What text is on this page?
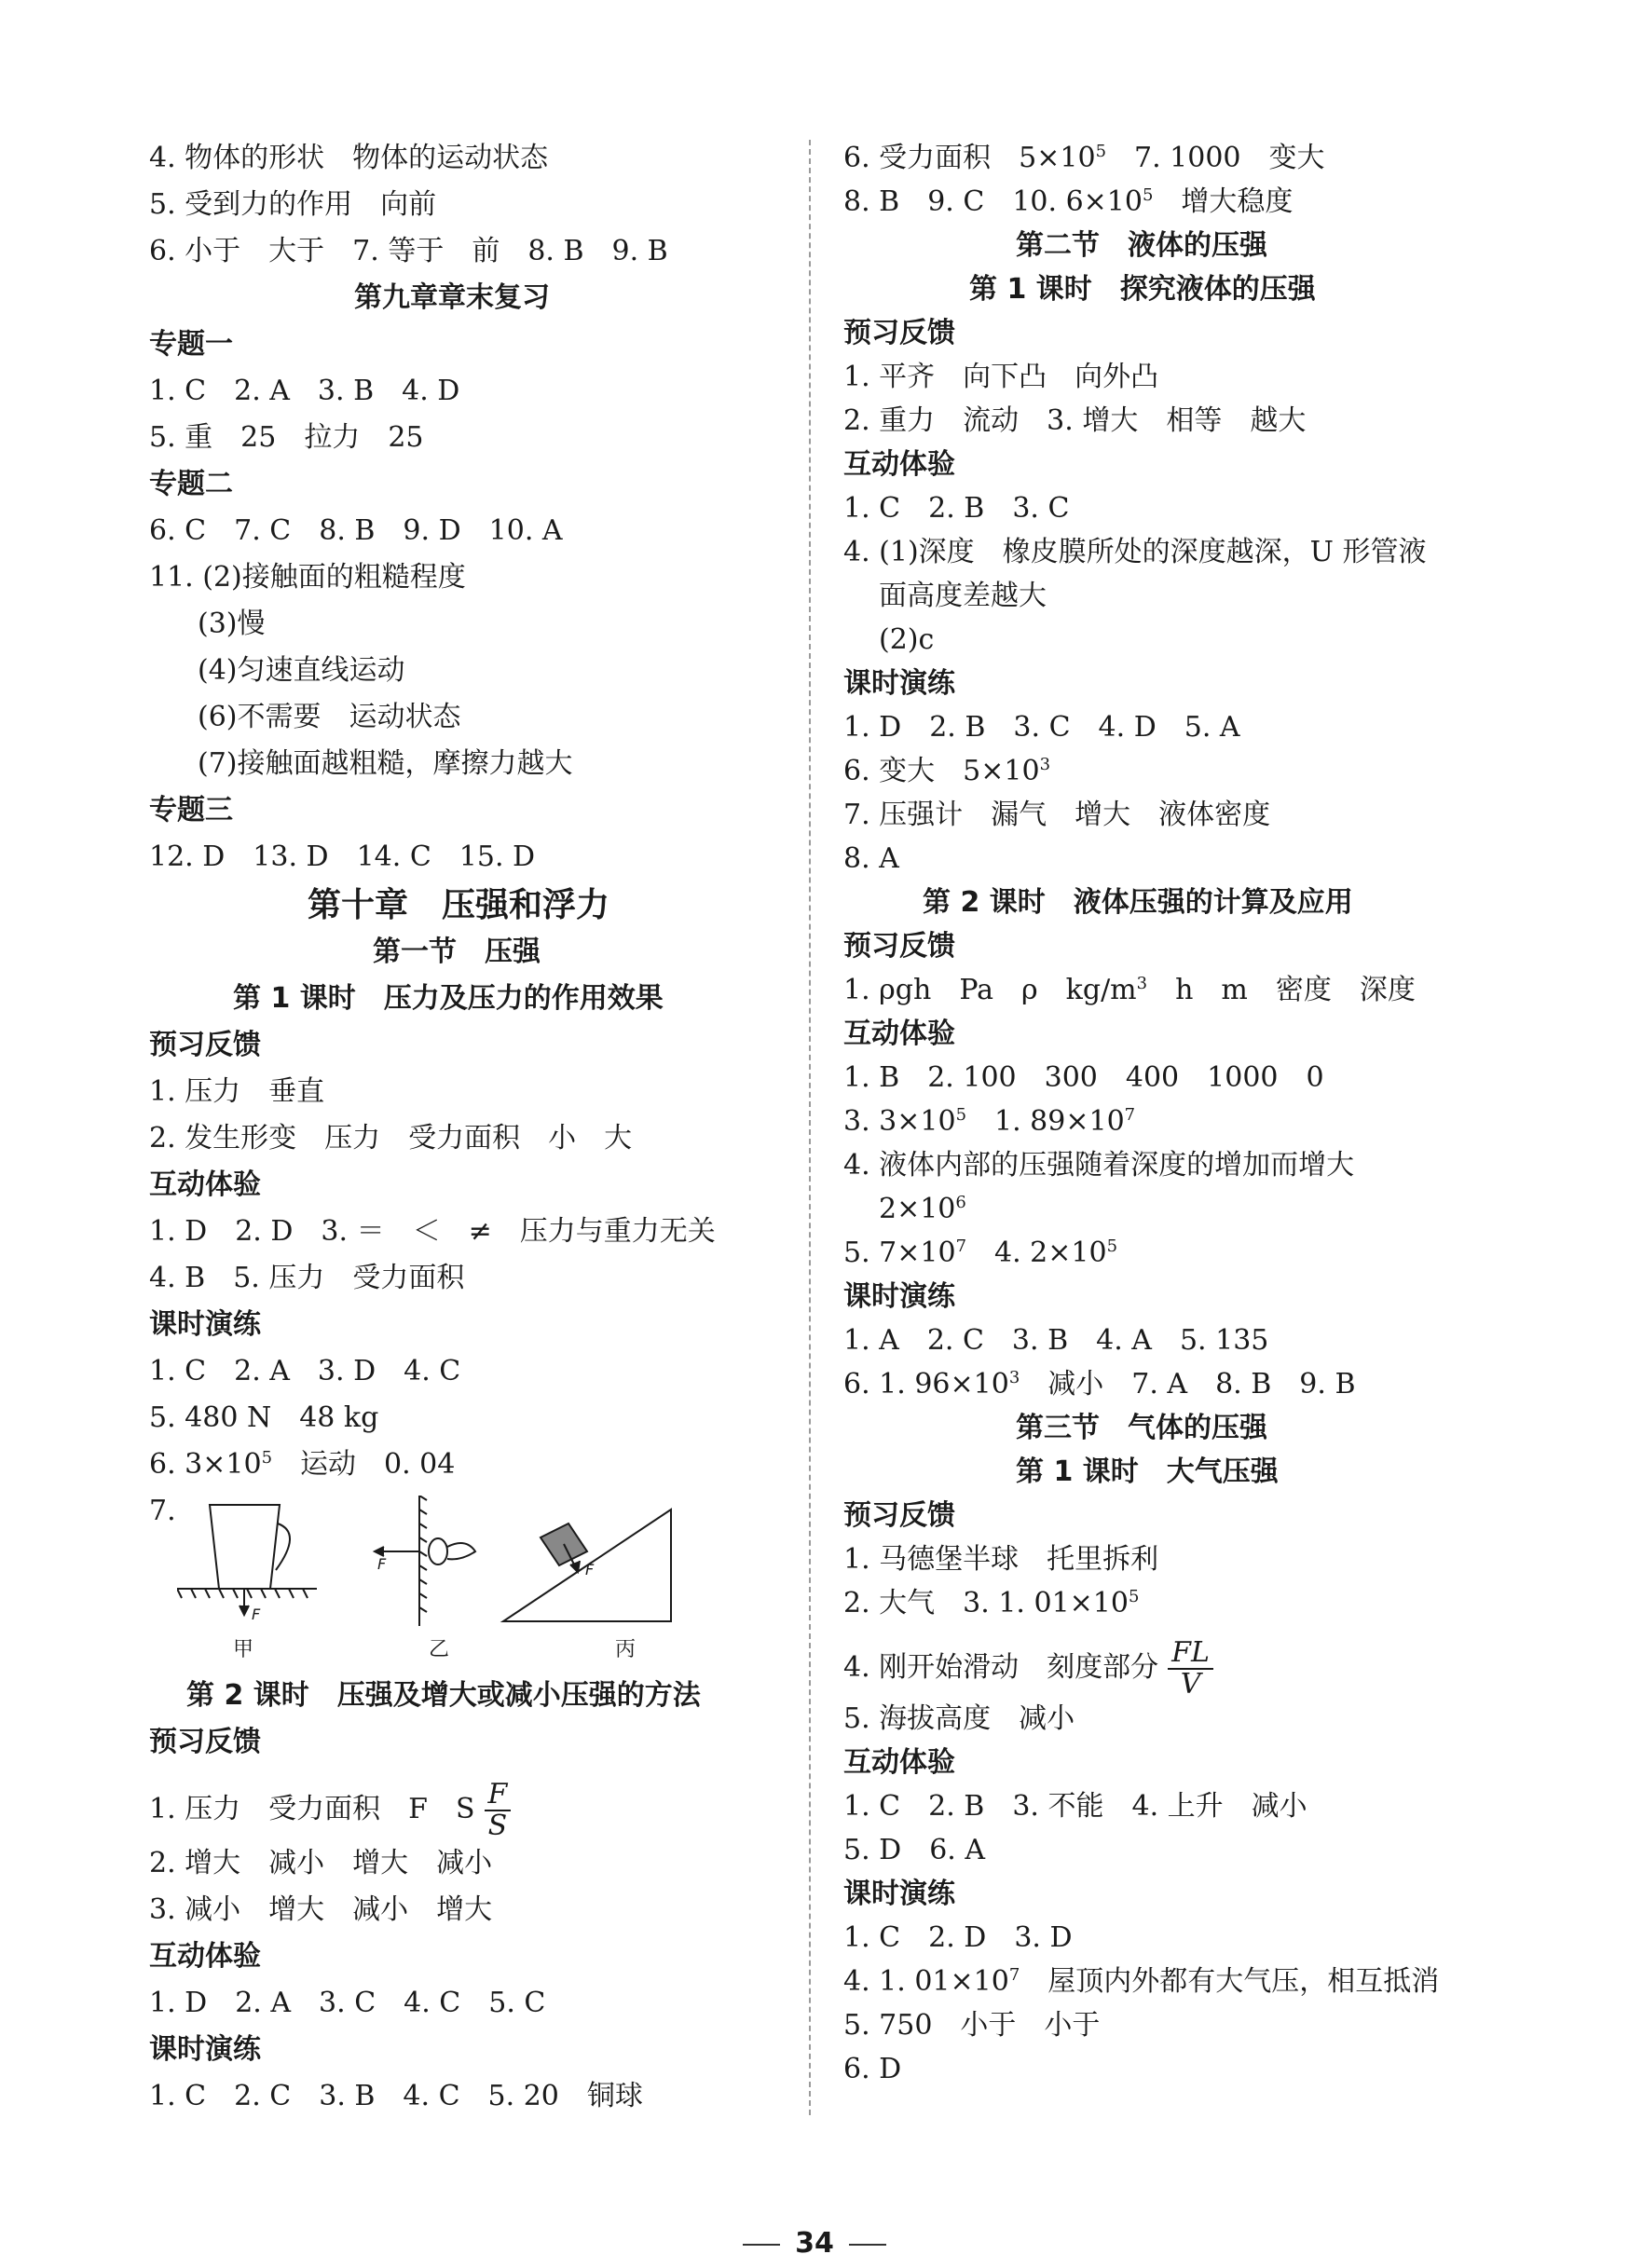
4. 物体的形状　物体的运动状态
5. 受到力的作用　向前
6. 小于　大于　7. 等于　前　8. B　9. B
第九章章末复习
专题一
1. C　2. A　3. B　4. D
5. 重　25　拉力　25
专题二
6. C　7. C　8. B　9. D　10. A
11. (2)接触面的粗糙程度
(3)慢
(4)匀速直线运动
(6)不需要　运动状态
(7)接触面越粗糙，摩擦力越大
专题三
12. D　13. D　14. C　15. D
第十章　压强和浮力
第一节　压强
第 1 课时　压力及压力的作用效果
预习反馈
1. 压力　垂直
2. 发生形变　压力　受力面积　小　大
互动体验
1. D　2. D　3. ＝　＜　≠　压力与重力无关
4. B　5. 压力　受力面积
课时演练
1. C　2. A　3. D　4. C
5. 480 N　48 kg
6. $3\times 10^5$　运动　0. 04
7.
甲	乙	丙
F
F	F
第 2 课时　压强及增大或减小压强的方法
预习反馈
1. 压力　受力面积　F　S $\frac{F}{S}$
2. 增大　减小　增大　减小
3. 减小　增大　减小　增大
互动体验
1. D　2. A　3. C　4. C　5. C
课时演练
1. C　2. C　3. B　4. C　5. 20　铜球
6. 受力面积　$5\times 10^5$　7. 1000　变大
8. B　9. C　10. $6\times 10^5$　增大稳度
第二节　液体的压强
第 1 课时　探究液体的压强
预习反馈
1. 平齐　向下凸　向外凸
2. 重力　流动　3. 增大　相等　越大
互动体验
1. C　2. B　3. C
4. (1)深度　橡皮膜所处的深度越深，U 形管液
面高度差越大
(2)c
课时演练
1. D　2. B　3. C　4. D　5. A
6. 变大　$5\times 10^3$
7. 压强计　漏气　增大　液体密度
8. A
第 2 课时　液体压强的计算及应用
预习反馈
1. ρgh　Pa　ρ　$kg/m^3$　h　m　密度　深度
互动体验
1. B　2. 100　300　400　1000　0
3. $3\times 10^5$　1. $89\times 10^7$
4. 液体内部的压强随着深度的增加而增大
$2\times 10^6$
5. $7\times 10^7$　4. $2\times 10^5$
课时演练
1. A　2. C　3. B　4. A　5. 135
6. 1. $96\times 10^3$　减小　7. A　8. B　9. B
第三节　气体的压强
第 1 课时　大气压强
预习反馈
1. 马德堡半球　托里拆利
2. 大气　3. 1. $01\times 10^5$
4. 刚开始滑动　刻度部分 $\frac{FL}{V}$
5. 海拔高度　减小
互动体验
1. C　2. B　3. 不能　4. 上升　减小
5. D　6. A
课时演练
1. C　2. D　3. D
4. 1. $01\times 10^7$　屋顶内外都有大气压，相互抵消
5. 750　小于　小于
6. D
34
